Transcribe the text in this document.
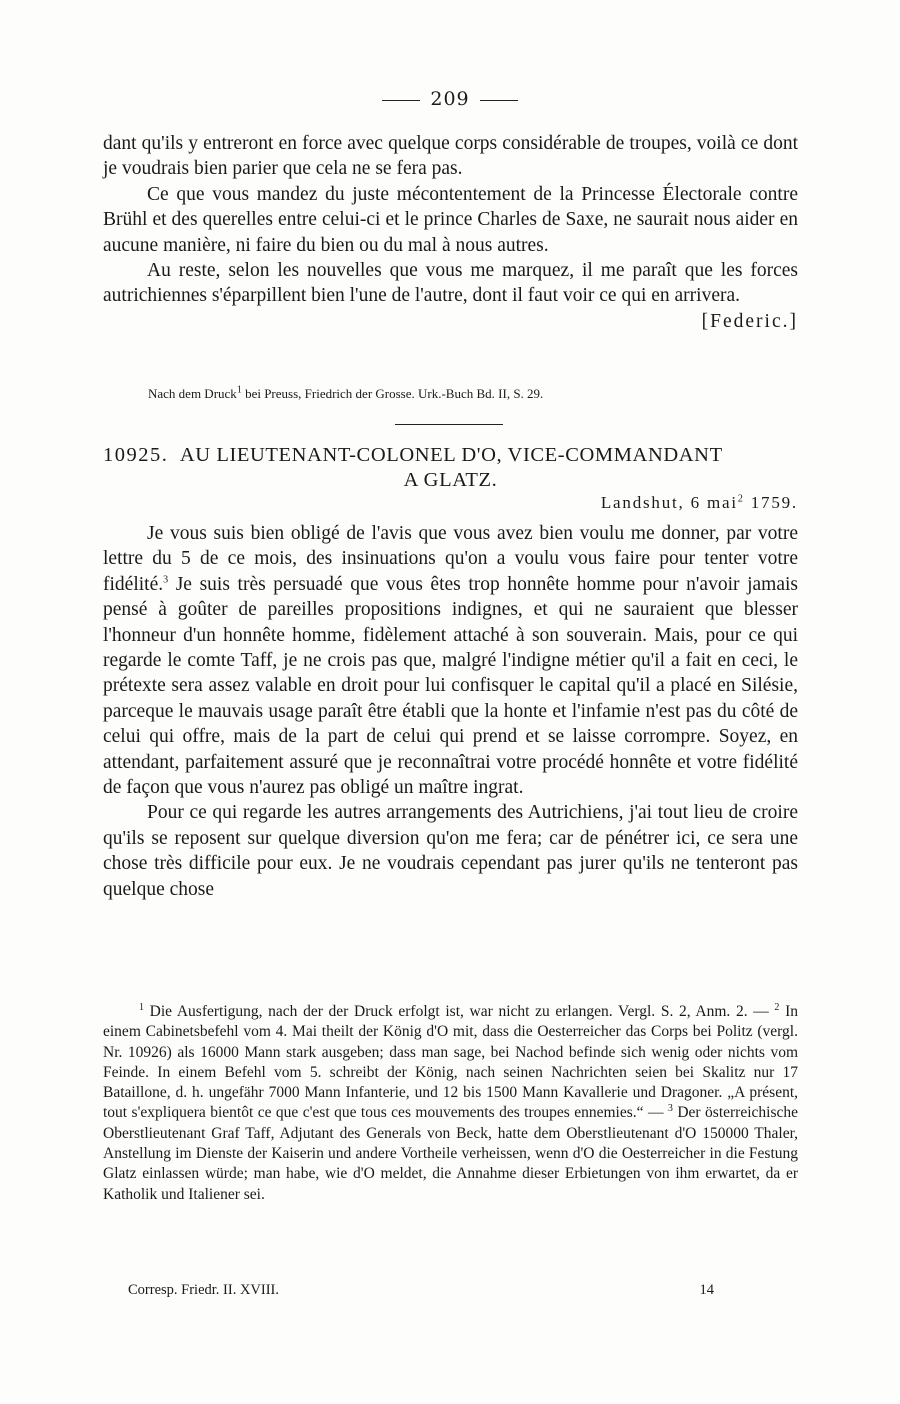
209

dant qu'ils y entreront en force avec quelque corps considérable de troupes, voilà ce dont je voudrais bien parier que cela ne se fera pas.

Ce que vous mandez du juste mécontentement de la Princesse Électorale contre Brühl et des querelles entre celui-ci et le prince Charles de Saxe, ne saurait nous aider en aucune manière, ni faire du bien ou du mal à nous autres.

Au reste, selon les nouvelles que vous me marquez, il me paraît que les forces autrichiennes s'éparpillent bien l'une de l'autre, dont il faut voir ce qui en arrivera.

[Federic.]

Nach dem Druck$^1$ bei Preuss, Friedrich der Grosse. Urk.-Buch Bd. II, S. 29.
10925. AU LIEUTENANT-COLONEL D'O, VICE-COMMANDANT
A GLATZ.
Landshut, 6 mai$^2$ 1759.

Je vous suis bien obligé de l'avis que vous avez bien voulu me donner, par votre lettre du 5 de ce mois, des insinuations qu'on a voulu vous faire pour tenter votre fidélité.$^3$ Je suis très persuadé que vous êtes trop honnête homme pour n'avoir jamais pensé à goûter de pareilles propositions indignes, et qui ne sauraient que blesser l'honneur d'un honnête homme, fidèlement attaché à son souverain. Mais, pour ce qui regarde le comte Taff, je ne crois pas que, malgré l'indigne métier qu'il a fait en ceci, le prétexte sera assez valable en droit pour lui confisquer le capital qu'il a placé en Silésie, parceque le mauvais usage paraît être établi que la honte et l'infamie n'est pas du côté de celui qui offre, mais de la part de celui qui prend et se laisse corrompre. Soyez, en attendant, parfaitement assuré que je reconnaîtrai votre procédé honnête et votre fidélité de façon que vous n'aurez pas obligé un maître ingrat.

Pour ce qui regarde les autres arrangements des Autrichiens, j'ai tout lieu de croire qu'ils se reposent sur quelque diversion qu'on me fera; car de pénétrer ici, ce sera une chose très difficile pour eux. Je ne voudrais cependant pas jurer qu'ils ne tenteront pas quelque chose

$^1$ Die Ausfertigung, nach der der Druck erfolgt ist, war nicht zu erlangen. Vergl. S. 2, Anm. 2. — $^2$ In einem Cabinetsbefehl vom 4. Mai theilt der König d'O mit, dass die Oesterreicher das Corps bei Politz (vergl. Nr. 10926) als 16000 Mann stark ausgeben; dass man sage, bei Nachod befinde sich wenig oder nichts vom Feinde. In einem Befehl vom 5. schreibt der König, nach seinen Nachrichten seien bei Skalitz nur 17 Bataillone, d. h. ungefähr 7000 Mann Infanterie, und 12 bis 1500 Mann Kavallerie und Dragoner. „A présent, tout s'expliquera bientôt ce que c'est que tous ces mouvements des troupes ennemies.“ — $^3$ Der österreichische Oberstlieutenant Graf Taff, Adjutant des Generals von Beck, hatte dem Oberstlieutenant d'O 150000 Thaler, Anstellung im Dienste der Kaiserin und andere Vortheile verheissen, wenn d'O die Oesterreicher in die Festung Glatz einlassen würde; man habe, wie d'O meldet, die Annahme dieser Erbietungen von ihm erwartet, da er Katholik und Italiener sei.

Corresp. Friedr. II. XVIII.	14
